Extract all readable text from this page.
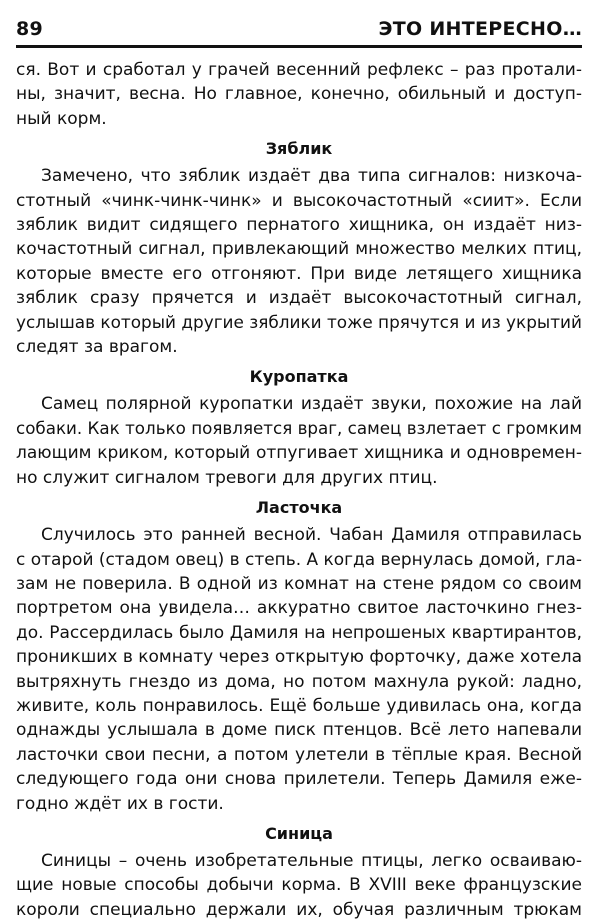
89	ЭТО ИНТЕРЕСНО…

ся. Вот и сработал у грачей весенний рефлекс – раз протали-
ны, значит, весна. Но главное, конечно, обильный и доступ-
ный корм.

Зяблик

Замечено, что зяблик издаёт два типа сигналов: низкоча-
стотный «чинк-чинк-чинк» и высокочастотный «сиит». Если
зяблик видит сидящего пернатого хищника, он издаёт низ-
кочастотный сигнал, привлекающий множество мелких птиц,
которые вместе его отгоняют. При виде летящего хищника
зяблик сразу прячется и издаёт высокочастотный сигнал,
услышав который другие зяблики тоже прячутся и из укрытий
следят за врагом.

Куропатка

Самец полярной куропатки издаёт звуки, похожие на лай
собаки. Как только появляется враг, самец взлетает с громким
лающим криком, который отпугивает хищника и одновремен-
но служит сигналом тревоги для других птиц.

Ласточка

Случилось это ранней весной. Чабан Дамиля отправилась
с отарой (стадом овец) в степь. А когда вернулась домой, гла-
зам не поверила. В одной из комнат на стене рядом со своим
портретом она увидела… аккуратно свитое ласточкино гнез-
до. Рассердилась было Дамиля на непрошеных квартирантов,
проникших в комнату через открытую форточку, даже хотела
вытряхнуть гнездо из дома, но потом махнула рукой: ладно,
живите, коль понравилось. Ещё больше удивилась она, когда
однажды услышала в доме писк птенцов. Всё лето напевали
ласточки свои песни, а потом улетели в тёплые края. Весной
следующего года они снова прилетели. Теперь Дамиля еже-
годно ждёт их в гости.

Синица

Синицы – очень изобретательные птицы, легко осваиваю-
щие новые способы добычи корма. В XVIII веке французские
короли специально держали их, обучая различным трюкам
